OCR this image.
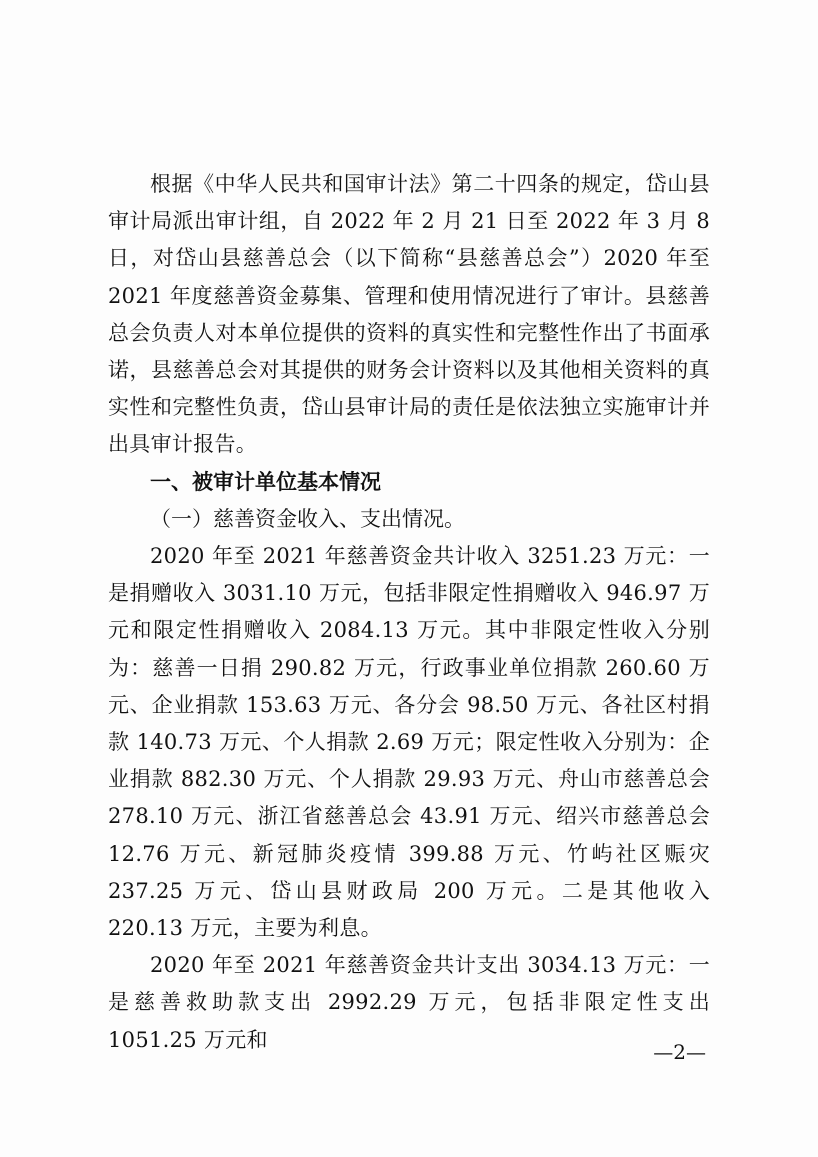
根据《中华人民共和国审计法》第二十四条的规定，岱山县审计局派出审计组，自 2022 年 2 月 21 日至 2022 年 3 月 8 日，对岱山县慈善总会（以下简称“县慈善总会”）2020 年至 2021 年度慈善资金募集、管理和使用情况进行了审计。县慈善总会负责人对本单位提供的资料的真实性和完整性作出了书面承诺，县慈善总会对其提供的财务会计资料以及其他相关资料的真实性和完整性负责，岱山县审计局的责任是依法独立实施审计并出具审计报告。

一、被审计单位基本情况

（一）慈善资金收入、支出情况。

2020 年至 2021 年慈善资金共计收入 3251.23 万元：一是捐赠收入 3031.10 万元，包括非限定性捐赠收入 946.97 万元和限定性捐赠收入 2084.13 万元。其中非限定性收入分别为：慈善一日捐 290.82 万元，行政事业单位捐款 260.60 万元、企业捐款 153.63 万元、各分会 98.50 万元、各社区村捐款 140.73 万元、个人捐款 2.69 万元；限定性收入分别为：企业捐款 882.30 万元、个人捐款 29.93 万元、舟山市慈善总会 278.10 万元、浙江省慈善总会 43.91 万元、绍兴市慈善总会 12.76 万元、新冠肺炎疫情 399.88 万元、竹屿社区赈灾 237.25 万元、岱山县财政局 200 万元。二是其他收入 220.13 万元，主要为利息。

2020 年至 2021 年慈善资金共计支出 3034.13 万元：一是慈善救助款支出 2992.29 万元，包括非限定性支出 1051.25 万元和

—2—
